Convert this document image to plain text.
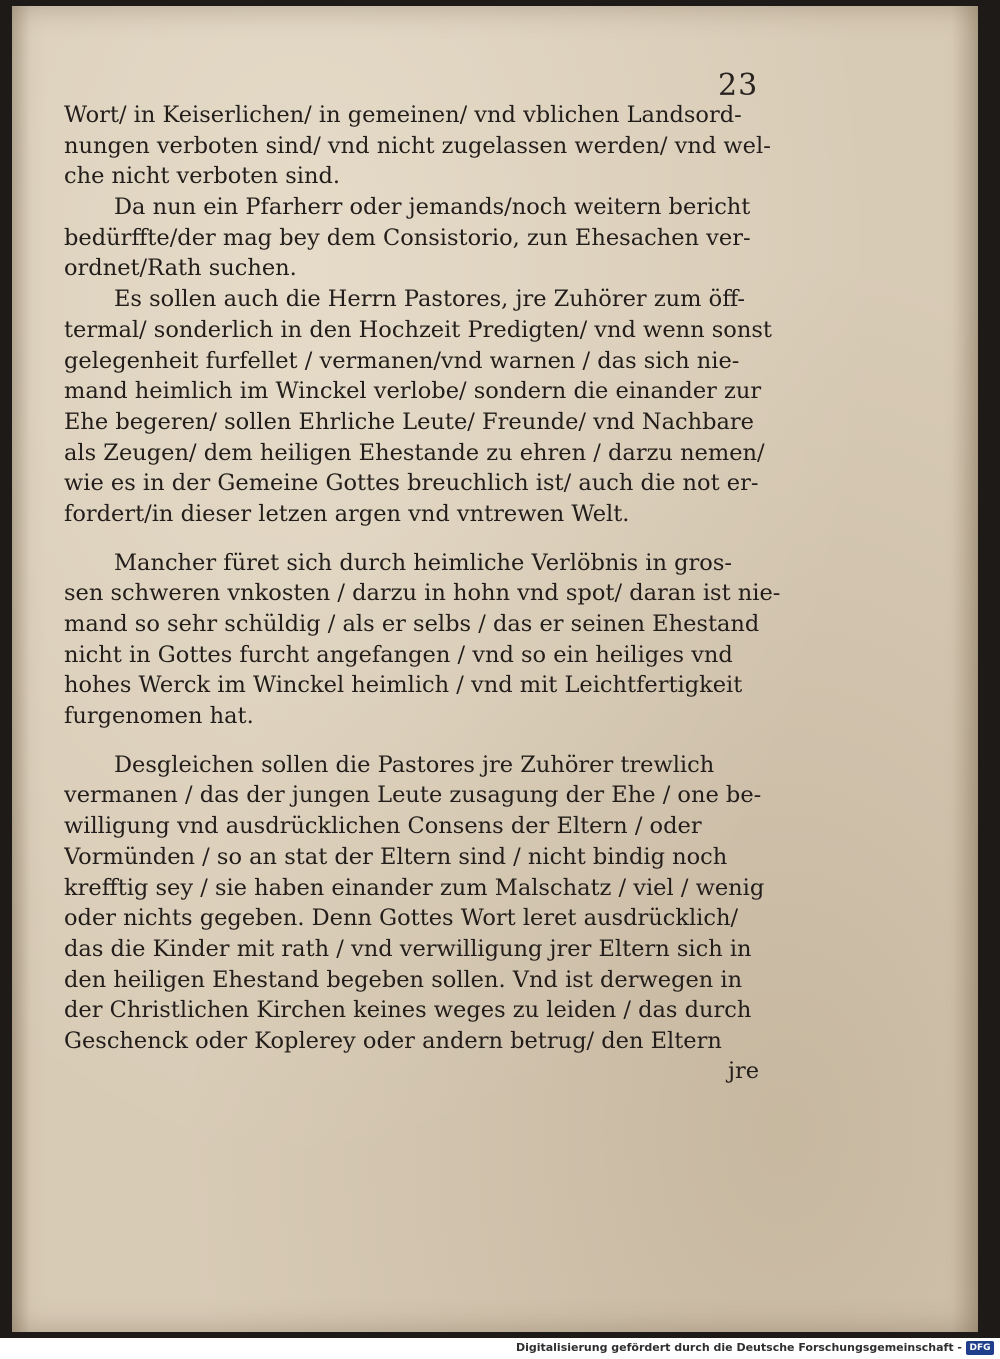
23
Wort/ in Keiserlichen/ in gemeinen/ vnd vblichen Landsord-
nungen verboten sind/ vnd nicht zugelassen werden/ vnd wel-
che nicht verboten sind.
Da nun ein Pfarherr oder jemands/noch weitern bericht
bedürffte/der mag bey dem Consistorio, zun Ehesachen ver-
ordnet/Rath suchen.
Es sollen auch die Herrn Pastores, jre Zuhörer zum öff-
termal/ sonderlich in den Hochzeit Predigten/ vnd wenn sonst
gelegenheit furfellet / vermanen/vnd warnen / das sich nie-
mand heimlich im Winckel verlobe/ sondern die einander zur
Ehe begeren/ sollen Ehrliche Leute/ Freunde/ vnd Nachbare
als Zeugen/ dem heiligen Ehestande zu ehren / darzu nemen/
wie es in der Gemeine Gottes breuchlich ist/ auch die not er-
fordert/in dieser letzen argen vnd vntrewen Welt.
Mancher füret sich durch heimliche Verlöbnis in gros-
sen schweren vnkosten / darzu in hohn vnd spot/ daran ist nie-
mand so sehr schüldig / als er selbs / das er seinen Ehestand
nicht in Gottes furcht angefangen / vnd so ein heiliges vnd
hohes Werck im Winckel heimlich / vnd mit Leichtfertigkeit
furgenomen hat.
Desgleichen sollen die Pastores jre Zuhörer trewlich
vermanen / das der jungen Leute zusagung der Ehe / one be-
willigung vnd ausdrücklichen Consens der Eltern / oder
Vormünden / so an stat der Eltern sind / nicht bindig noch
krefftig sey / sie haben einander zum Malschatz / viel / wenig
oder nichts gegeben. Denn Gottes Wort leret ausdrücklich/
das die Kinder mit rath / vnd verwilligung jrer Eltern sich in
den heiligen Ehestand begeben sollen. Vnd ist derwegen in
der Christlichen Kirchen keines weges zu leiden / das durch
Geschenck oder Koplerey oder andern betrug/ den Eltern
jre
Digitalisierung gefördert durch die Deutsche Forschungsgemeinschaft - DFG
